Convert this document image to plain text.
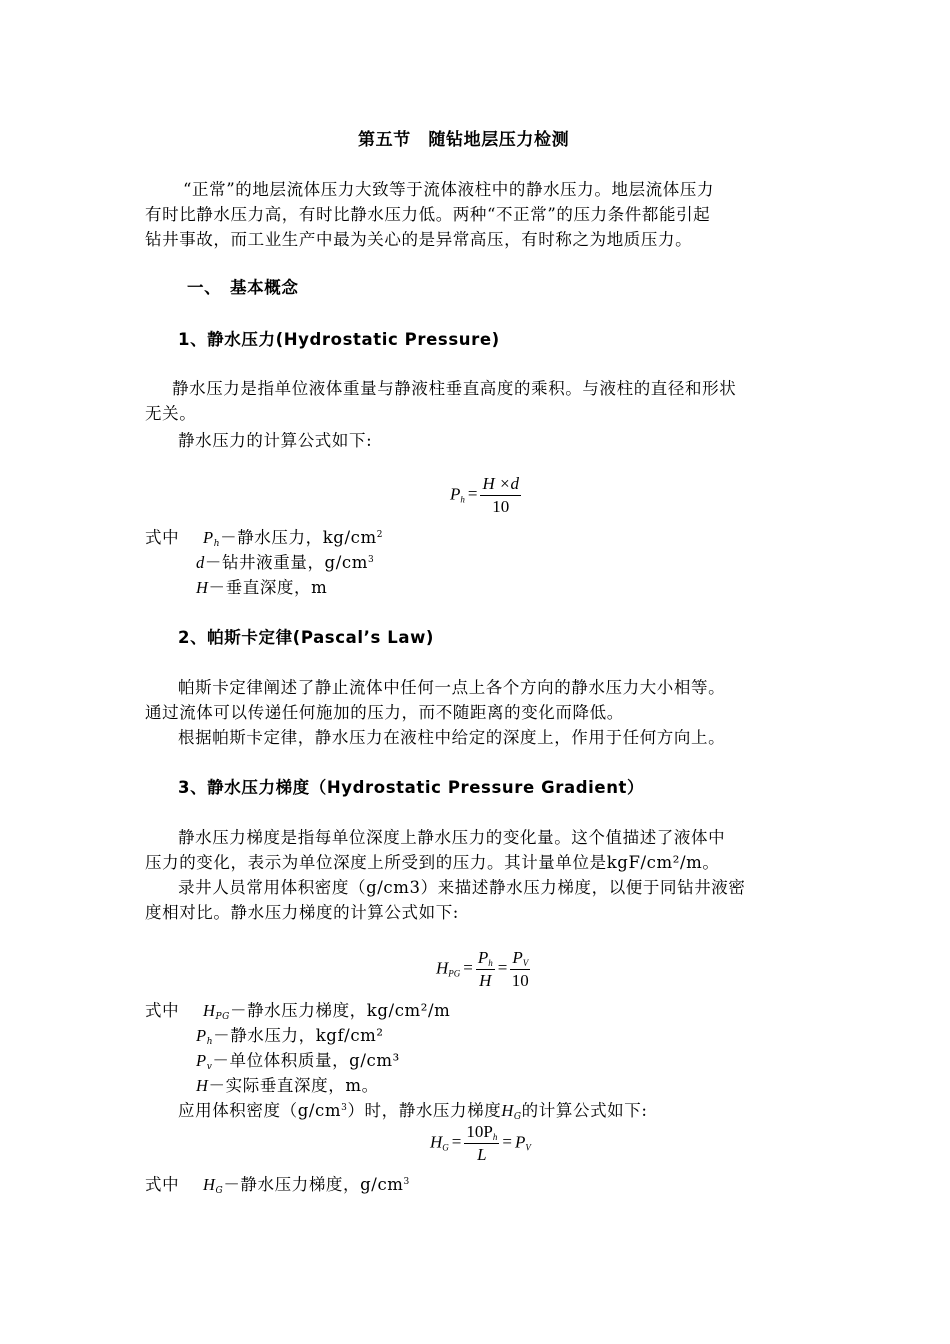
第五节　随钻地层压力检测
“正常”的地层流体压力大致等于流体液柱中的静水压力。地层流体压力
有时比静水压力高，有时比静水压力低。两种“不正常”的压力条件都能引起
钻井事故，而工业生产中最为关心的是异常高压，有时称之为地质压力。
一、　基本概念
1、静水压力(Hydrostatic Pressure)
静水压力是指单位液体重量与静液柱垂直高度的乘积。与液柱的直径和形状
无关。
静水压力的计算公式如下:
$P_h = \frac{H \times d}{10}$
式中 $P_h-$静水压力，$kg/cm^2$
d－钻井液重量，$g/cm^3$
H－垂直深度，m
2、帕斯卡定律(Pascal’s Law)
帕斯卡定律阐述了静止流体中任何一点上各个方向的静水压力大小相等。
通过流体可以传递任何施加的压力，而不随距离的变化而降低。
根据帕斯卡定律，静水压力在液柱中给定的深度上，作用于任何方向上。
3、静水压力梯度（Hydrostatic Pressure Gradient）
静水压力梯度是指每单位深度上静水压力的变化量。这个值描述了液体中
压力的变化，表示为单位深度上所受到的压力。其计量单位是kgF/cm²/m。
录井人员常用体积密度（g/cm3）来描述静水压力梯度，以便于同钻井液密
度相对比。静水压力梯度的计算公式如下:
$H_{PG} = \frac{P_h}{H} = \frac{P_V}{10}$
式中 $H_{PG}-$静水压力梯度，kg/cm²/m
$P_h-$静水压力，kgf/cm²
$P_v-$单位体积质量，g/cm³
H－实际垂直深度，m。
应用体积密度$(g/cm^3)$时，静水压力梯度$H_G$的计算公式如下:
$H_G = \frac{10P_h}{L} = P_V$
式中 $H_G-$静水压力梯度，$g/cm^3$
